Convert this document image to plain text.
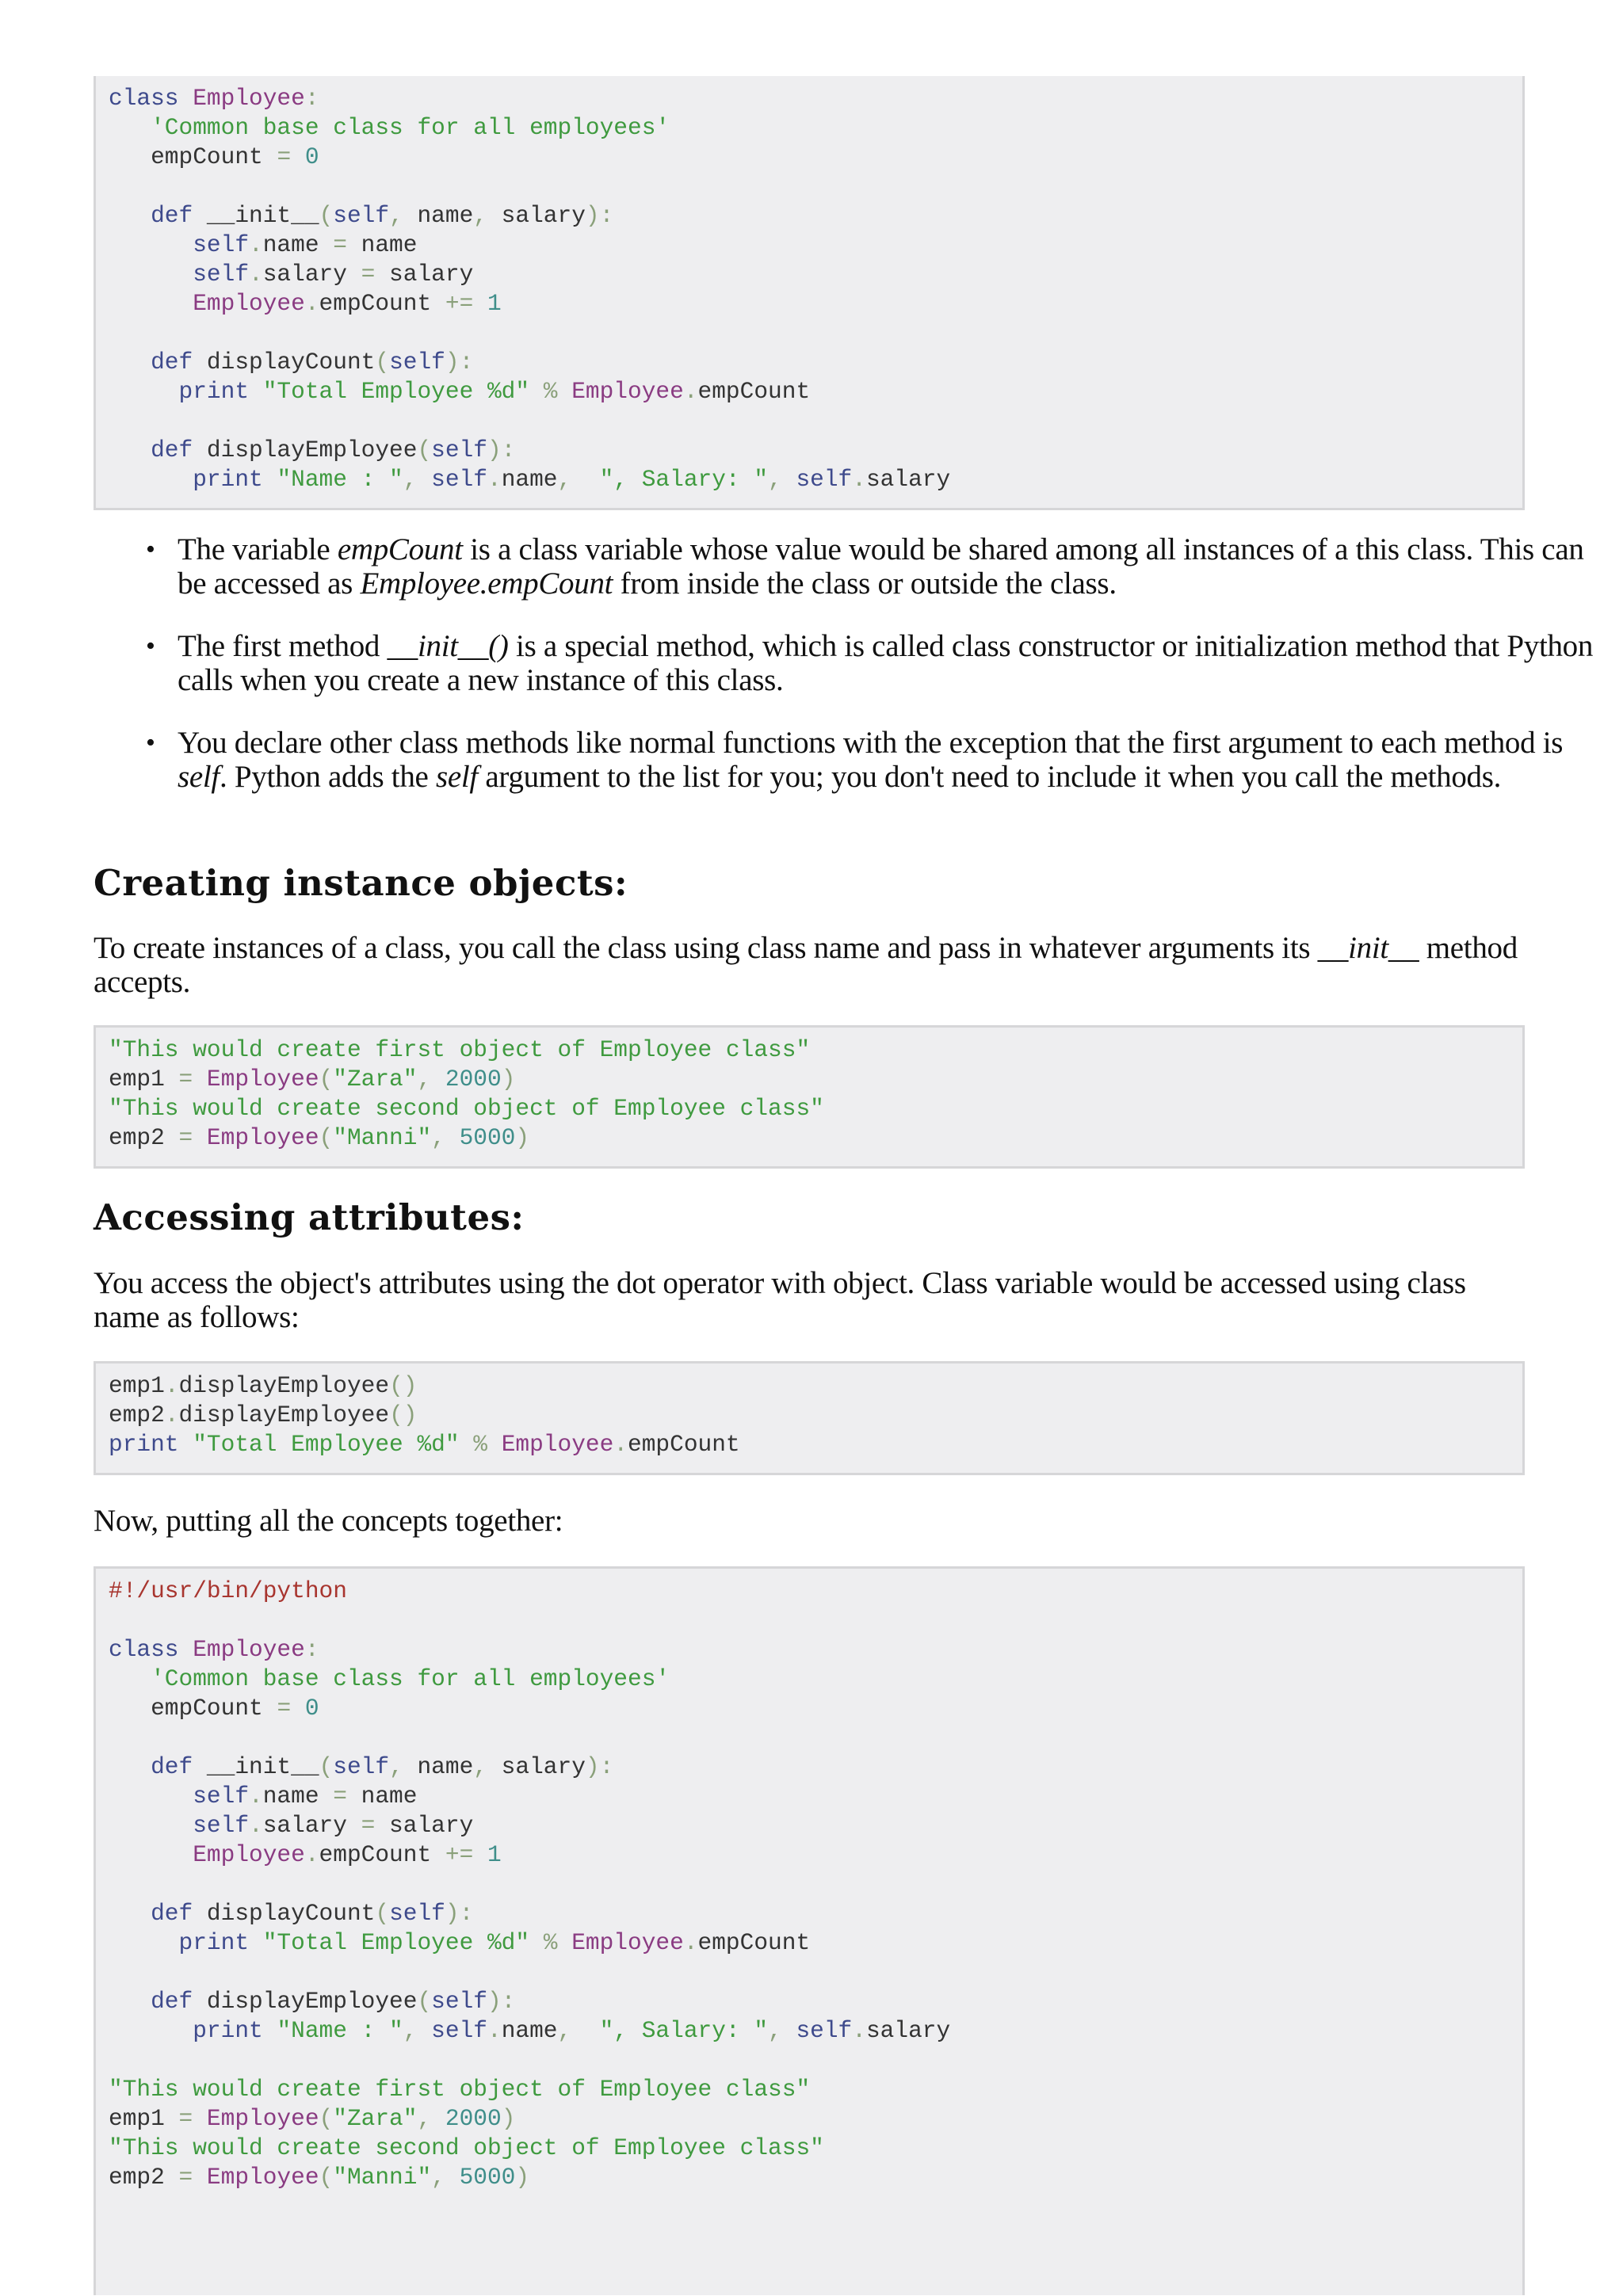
class Employee:
'Common base class for all employees'
empCount = 0
def __init__(self, name, salary):
self.name = name
self.salary = salary
Employee.empCount += 1
def displayCount(self):
print "Total Employee %d" % Employee.empCount
def displayEmployee(self):
print "Name : ", self.name, ", Salary: ", self.salary
• The variable empCount is a class variable whose value would be shared among all instances of a this class. This can be accessed as Employee.empCount from inside the class or outside the class.
• The first method __init__() is a special method, which is called class constructor or initialization method that Python calls when you create a new instance of this class.
• You declare other class methods like normal functions with the exception that the first argument to each method is self. Python adds the self argument to the list for you; you don't need to include it when you call the methods.
Creating instance objects:

To create instances of a class, you call the class using class name and pass in whatever arguments its __init__ method accepts.

"This would create first object of Employee class"
emp1 = Employee("Zara", 2000)
"This would create second object of Employee class"
emp2 = Employee("Manni", 5000)
Accessing attributes:

You access the object's attributes using the dot operator with object. Class variable would be accessed using class name as follows:

emp1.displayEmployee()
emp2.displayEmployee()
print "Total Employee %d" % Employee.empCount

Now, putting all the concepts together:

#!/usr/bin/python
class Employee:
'Common base class for all employees'
empCount = 0
def __init__(self, name, salary):
self.name = name
self.salary = salary
Employee.empCount += 1
def displayCount(self):
print "Total Employee %d" % Employee.empCount
def displayEmployee(self):
print "Name : ", self.name, ", Salary: ", self.salary
"This would create first object of Employee class"
emp1 = Employee("Zara", 2000)
"This would create second object of Employee class"
emp2 = Employee("Manni", 5000)
